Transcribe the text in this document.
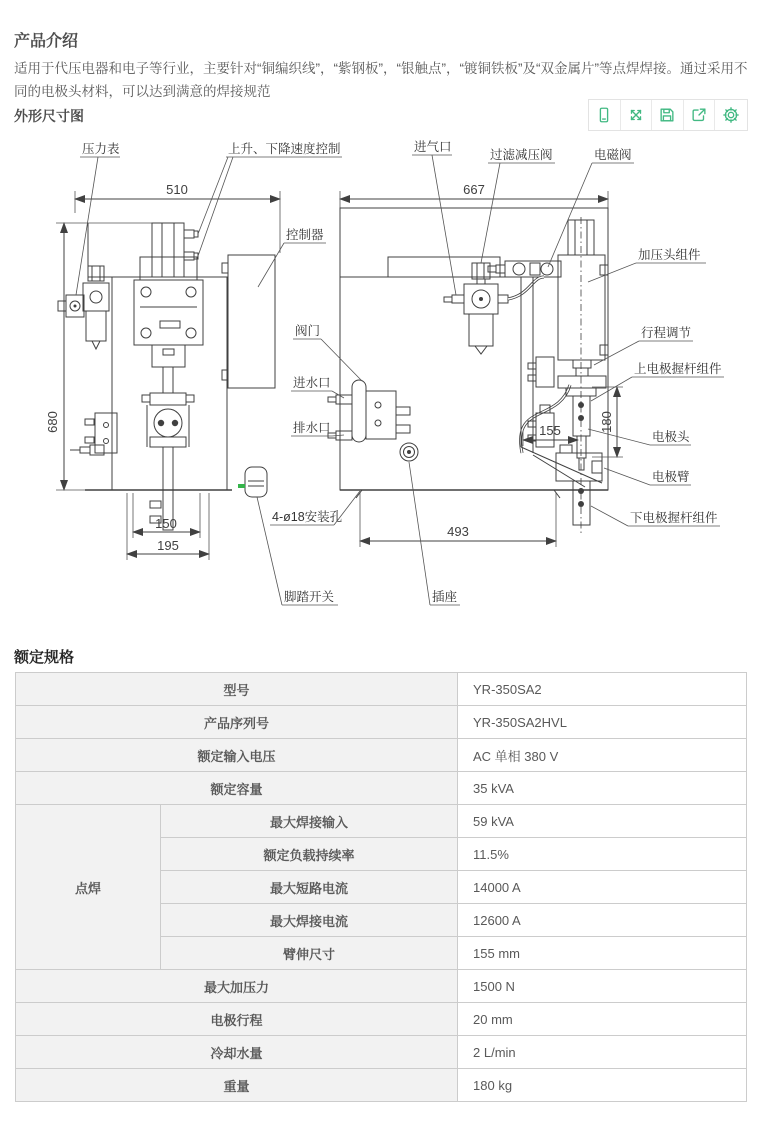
产品介绍
适用于代压电器和电子等行业，主要针对“铜编织线”，“紫钢板”，“银触点”，“镀铜铁板”及“双金属片”等点焊焊接。通过采用不同的电极头材料，可以达到满意的焊接规范
外形尺寸图
510
680
150
195
667
493
155	180
压力表	上升、下降速度控制	进气口
过滤减压阀	电磁阀
控制器
加压头组件
行程调节
上电极握杆组件
阀门
进水口
排水口
电极头
电极臂
下电极握杆组件
4-ø18安装孔
插座
脚踏开关
额定规格
型号		YR-350SA2
产品序列号		YR-350SA2HVL
额定输入电压		AC 单相 380 V
额定容量		35 kVA
点焊	最大焊接输入	59 kVA
	额定负载持续率	11.5%
	最大短路电流	14000 A
	最大焊接电流	12600 A
	臂伸尺寸	155 mm
最大加压力		1500 N
电极行程		20 mm
冷却水量		2 L/min
重量		180 kg
